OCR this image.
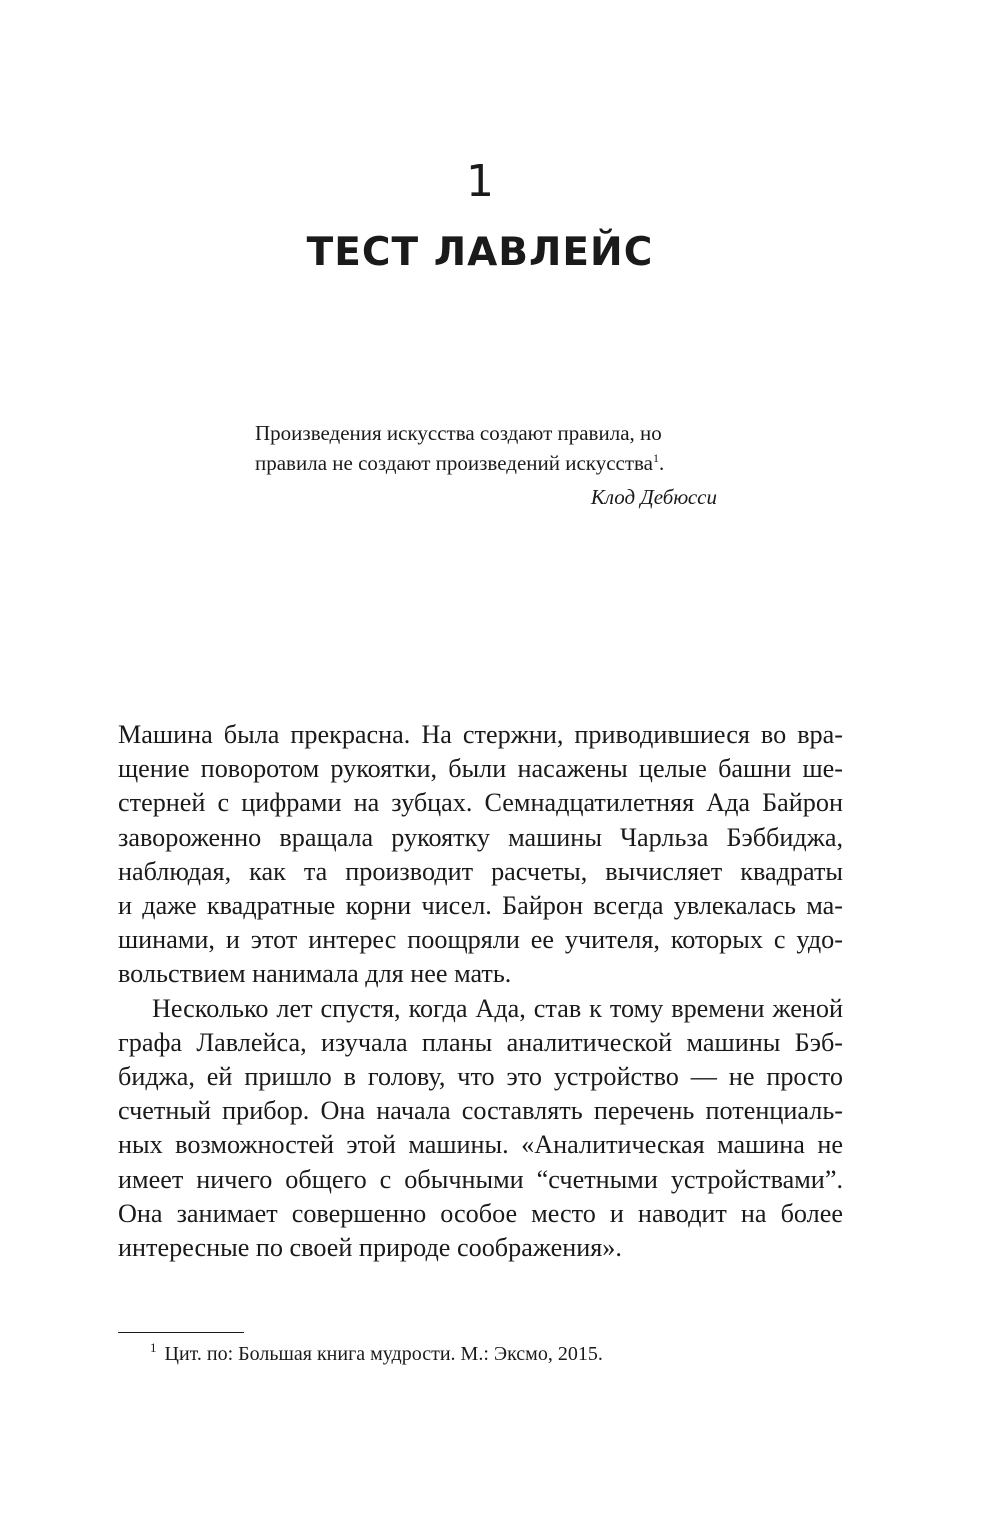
1
ТЕСТ ЛАВЛЕЙС
Произведения искусства создают правила, но
правила не создают произведений искусства$^1$.
Клод Дебюсси
Машина была прекрасна. На стержни, приводившиеся во вра-
щение поворотом рукоятки, были насажены целые башни ше-
стерней с цифрами на зубцах. Семнадцатилетняя Ада Байрон
завороженно вращала рукоятку машины Чарльза Бэббиджа,
наблюдая, как та производит расчеты, вычисляет квадраты
и даже квадратные корни чисел. Байрон всегда увлекалась ма-
шинами, и этот интерес поощряли ее учителя, которых с удо-
вольствием нанимала для нее мать.
Несколько лет спустя, когда Ада, став к тому времени женой
графа Лавлейса, изучала планы аналитической машины Бэб-
биджа, ей пришло в голову, что это устройство — не просто
счетный прибор. Она начала составлять перечень потенциаль-
ных возможностей этой машины. «Аналитическая машина не
имеет ничего общего с обычными “счетными устройствами”.
Она занимает совершенно особое место и наводит на более
интересные по своей природе соображения».
$^1$ Цит. по: Большая книга мудрости. М.: Эксмо, 2015.
